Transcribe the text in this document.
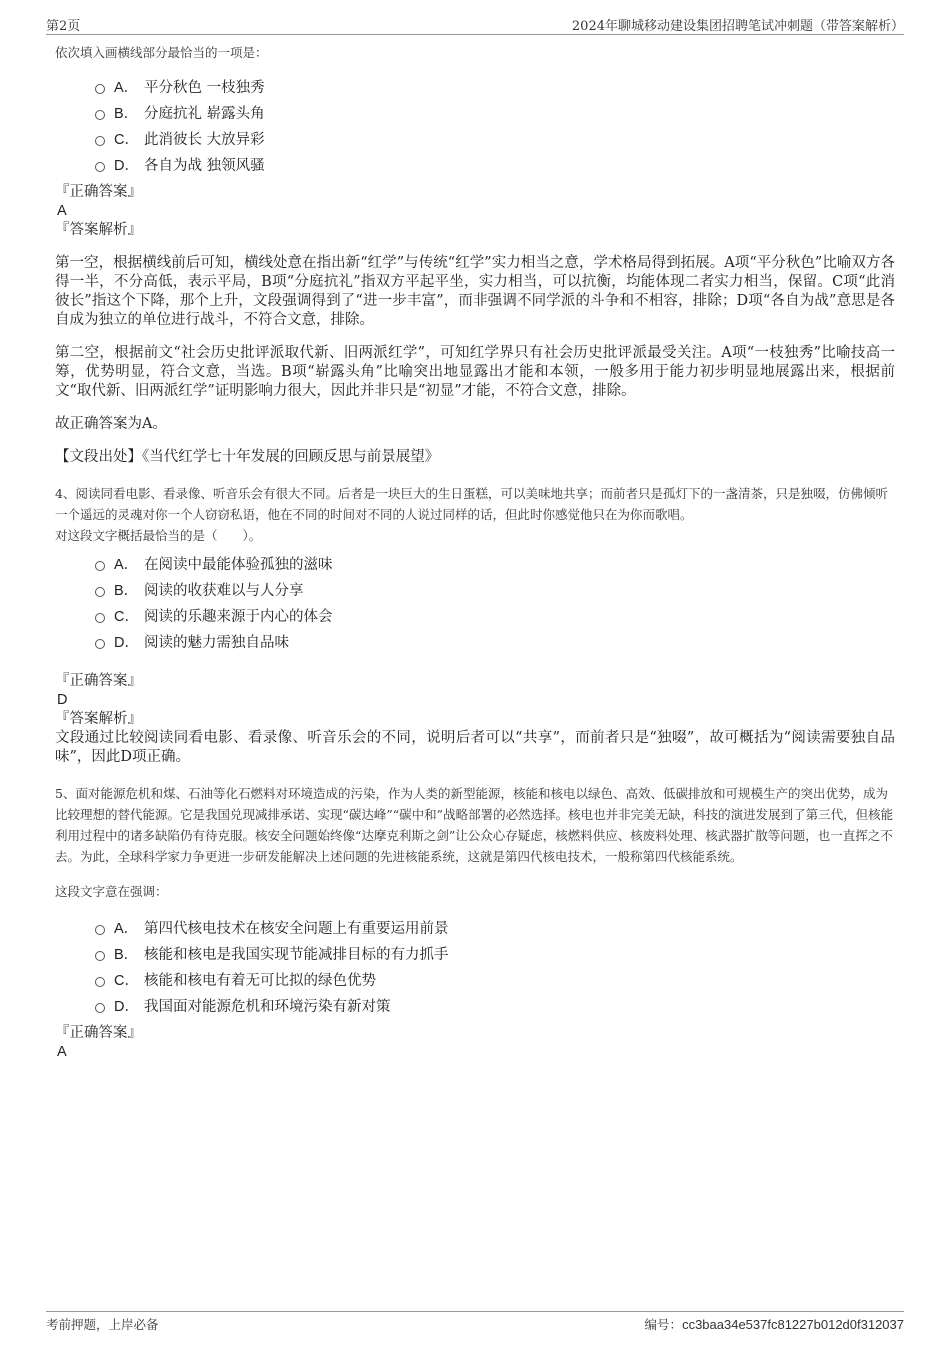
第2页	2024年聊城移动建设集团招聘笔试冲刺题（带答案解析）

依次填入画横线部分最恰当的一项是：

A． 平分秋色 一枝独秀
B． 分庭抗礼 崭露头角
C． 此消彼长 大放异彩
D． 各自为战 独领风骚

『正确答案』

A

『答案解析』

第一空，根据横线前后可知，横线处意在指出新“红学”与传统“红学”实力相当之意，学术格局得到拓展。A项“平分秋色”比喻双方各得一半，不分高低，表示平局，B项“分庭抗礼”指双方平起平坐，实力相当，可以抗衡，均能体现二者实力相当，保留。C项“此消彼长”指这个下降，那个上升，文段强调得到了“进一步丰富”，而非强调不同学派的斗争和不相容，排除；D项“各自为战”意思是各自成为独立的单位进行战斗，不符合文意，排除。

第二空，根据前文“社会历史批评派取代新、旧两派红学”，可知红学界只有社会历史批评派最受关注。A项“一枝独秀”比喻技高一筹，优势明显，符合文意，当选。B项“崭露头角”比喻突出地显露出才能和本领，一般多用于能力初步明显地展露出来，根据前文“取代新、旧两派红学”证明影响力很大，因此并非只是“初显”才能，不符合文意，排除。

故正确答案为A。

【文段出处】《当代红学七十年发展的回顾反思与前景展望》

4、阅读同看电影、看录像、听音乐会有很大不同。后者是一块巨大的生日蛋糕，可以美味地共享；而前者只是孤灯下的一盏清茶，只是独啜，仿佛倾听一个遥远的灵魂对你一个人窃窃私语，他在不同的时间对不同的人说过同样的话，但此时你感觉他只在为你而歌唱。

对这段文字概括最恰当的是（　　）。

A． 在阅读中最能体验孤独的滋味
B． 阅读的收获难以与人分享
C． 阅读的乐趣来源于内心的体会
D． 阅读的魅力需独自品味

『正确答案』

D

『答案解析』

文段通过比较阅读同看电影、看录像、听音乐会的不同，说明后者可以“共享”，而前者只是“独啜”，故可概括为“阅读需要独自品味”，因此D项正确。

5、面对能源危机和煤、石油等化石燃料对环境造成的污染，作为人类的新型能源，核能和核电以绿色、高效、低碳排放和可规模生产的突出优势，成为比较理想的替代能源。它是我国兑现减排承诺、实现“碳达峰”“碳中和”战略部署的必然选择。核电也并非完美无缺，科技的演进发展到了第三代，但核能利用过程中的诸多缺陷仍有待克服。核安全问题始终像“达摩克利斯之剑”让公众心存疑虑，核燃料供应、核废料处理、核武器扩散等问题，也一直挥之不去。为此，全球科学家力争更进一步研发能解决上述问题的先进核能系统，这就是第四代核电技术，一般称第四代核能系统。

这段文字意在强调：

A． 第四代核电技术在核安全问题上有重要运用前景
B． 核能和核电是我国实现节能减排目标的有力抓手
C． 核能和核电有着无可比拟的绿色优势
D． 我国面对能源危机和环境污染有新对策

『正确答案』

A

考前押题，上岸必备	编号：cc3baa34e537fc81227b012d0f312037
